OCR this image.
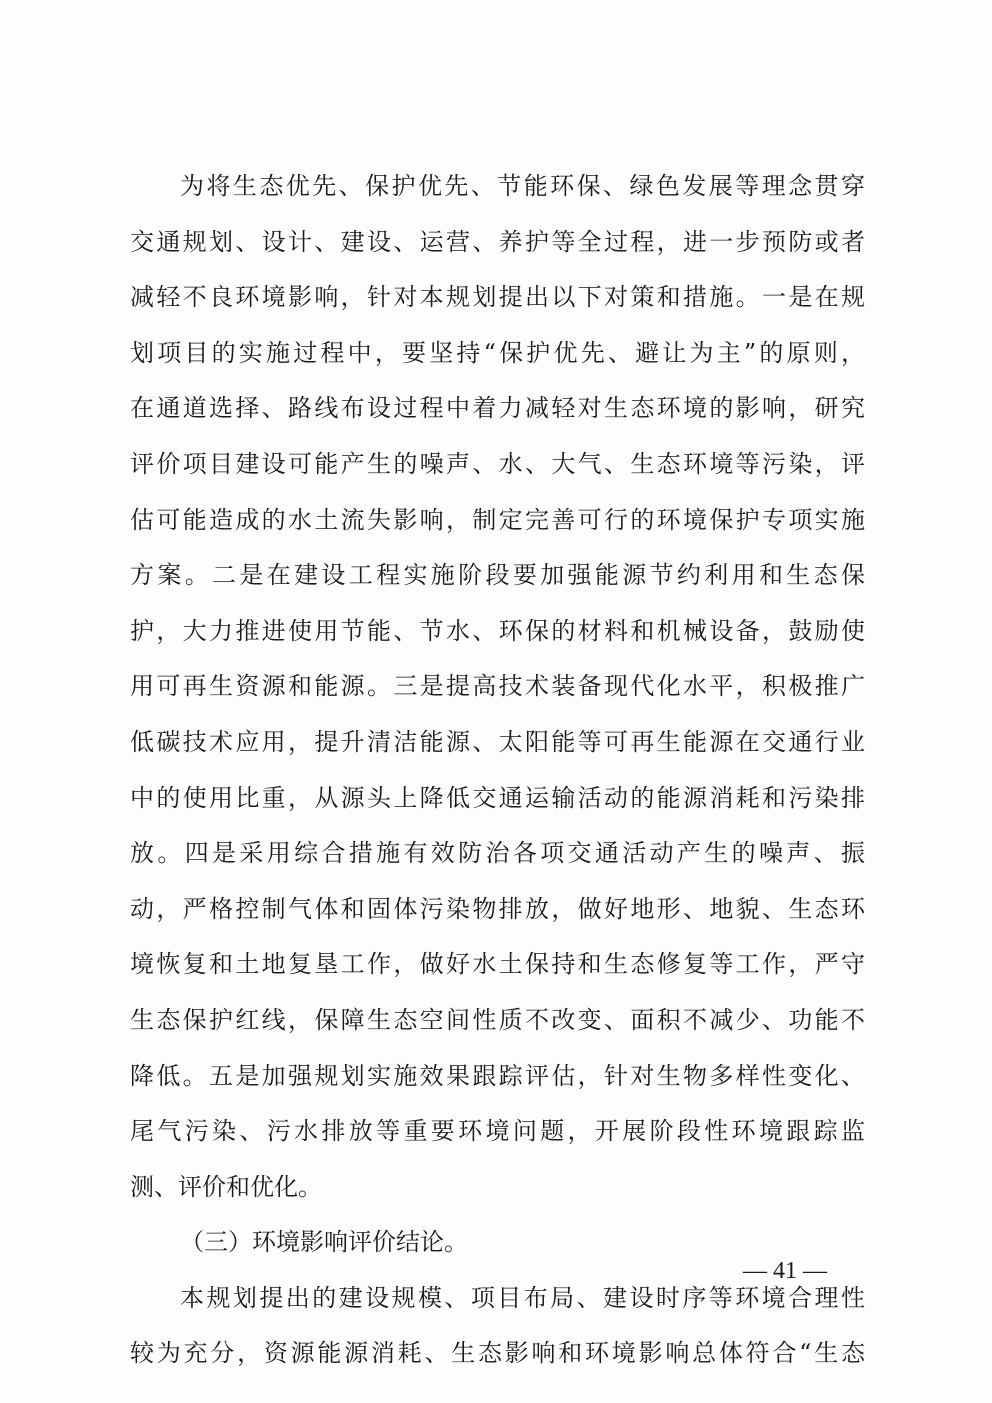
为将生态优先、保护优先、节能环保、绿色发展等理念贯穿
交通规划、设计、建设、运营、养护等全过程，进一步预防或者
减轻不良环境影响，针对本规划提出以下对策和措施。一是在规
划项目的实施过程中，要坚持“保护优先、避让为主”的原则，
在通道选择、路线布设过程中着力减轻对生态环境的影响，研究
评价项目建设可能产生的噪声、水、大气、生态环境等污染，评
估可能造成的水土流失影响，制定完善可行的环境保护专项实施
方案。二是在建设工程实施阶段要加强能源节约利用和生态保
护，大力推进使用节能、节水、环保的材料和机械设备，鼓励使
用可再生资源和能源。三是提高技术装备现代化水平，积极推广
低碳技术应用，提升清洁能源、太阳能等可再生能源在交通行业
中的使用比重，从源头上降低交通运输活动的能源消耗和污染排
放。四是采用综合措施有效防治各项交通活动产生的噪声、振
动，严格控制气体和固体污染物排放，做好地形、地貌、生态环
境恢复和土地复垦工作，做好水土保持和生态修复等工作，严守
生态保护红线，保障生态空间性质不改变、面积不减少、功能不
降低。五是加强规划实施效果跟踪评估，针对生物多样性变化、
尾气污染、污水排放等重要环境问题，开展阶段性环境跟踪监
测、评价和优化。
（三）环境影响评价结论。
本规划提出的建设规模、项目布局、建设时序等环境合理性
较为充分，资源能源消耗、生态影响和环境影响总体符合“生态
— 41 —
